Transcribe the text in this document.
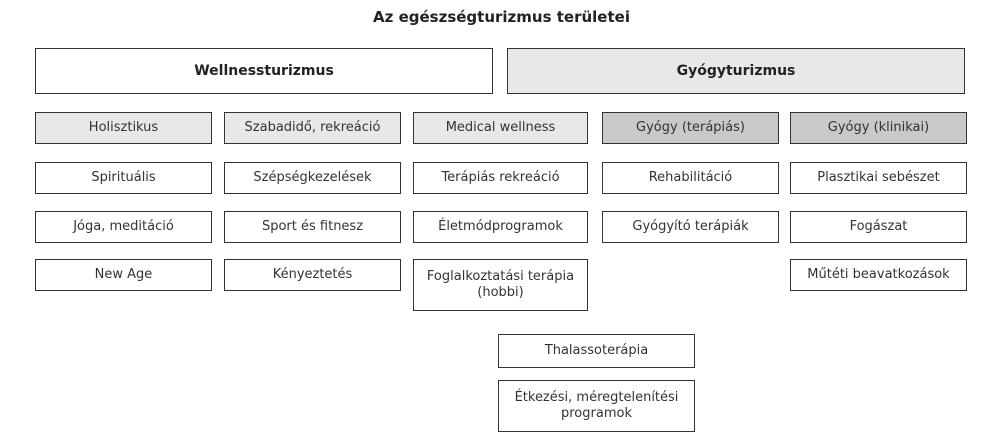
Az egészségturizmus területei
Wellnessturizmus	Gyógyturizmus
Holisztikus
Spirituális
Jóga, meditáció
New Age
Szabadidő, rekreáció
Szépségkezelések
Sport és fitnesz
Kényeztetés
Medical wellness
Terápiás rekreáció
Életmódprogramok
Foglalkoztatási terápia (hobbi)
Gyógy (terápiás)
Rehabilitáció
Gyógyító terápiák
Gyógy (klinikai)
Plasztikai sebészet
Fogászat
Műtéti beavatkozások
Thalassoterápia
Étkezési, méregtelenítési programok
